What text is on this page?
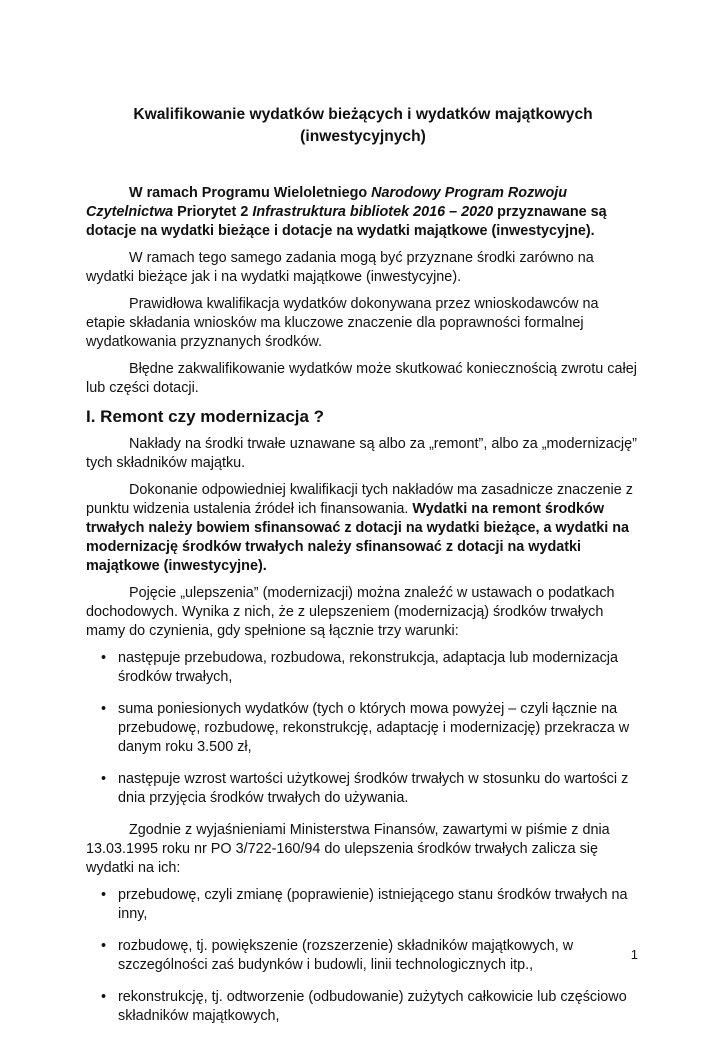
Kwalifikowanie wydatków bieżących i wydatków majątkowych
(inwestycyjnych)

W ramach Programu Wieloletniego Narodowy Program Rozwoju Czytelnictwa Priorytet 2 Infrastruktura bibliotek 2016 – 2020 przyznawane są dotacje na wydatki bieżące i dotacje na wydatki majątkowe (inwestycyjne).

W ramach tego samego zadania mogą być przyznane środki zarówno na wydatki bieżące jak i na wydatki majątkowe (inwestycyjne).

Prawidłowa kwalifikacja wydatków dokonywana przez wnioskodawców na etapie składania wniosków ma kluczowe znaczenie dla poprawności formalnej wydatkowania przyznanych środków.

Błędne zakwalifikowanie wydatków może skutkować koniecznością zwrotu całej lub części dotacji.

I. Remont czy modernizacja ?

Nakłady na środki trwałe uznawane są albo za „remont”, albo za „modernizację” tych składników majątku.

Dokonanie odpowiedniej kwalifikacji tych nakładów ma zasadnicze znaczenie z punktu widzenia ustalenia źródeł ich finansowania. Wydatki na remont środków trwałych należy bowiem sfinansować z dotacji na wydatki bieżące, a wydatki na modernizację środków trwałych należy sfinansować z dotacji na wydatki majątkowe (inwestycyjne).

Pojęcie „ulepszenia” (modernizacji) można znaleźć w ustawach o podatkach dochodowych. Wynika z nich, że z ulepszeniem (modernizacją) środków trwałych mamy do czynienia, gdy spełnione są łącznie trzy warunki:

• następuje przebudowa, rozbudowa, rekonstrukcja, adaptacja lub modernizacja środków trwałych,
• suma poniesionych wydatków (tych o których mowa powyżej – czyli łącznie na przebudowę, rozbudowę, rekonstrukcję, adaptację i modernizację) przekracza w danym roku 3.500 zł,
• następuje wzrost wartości użytkowej środków trwałych w stosunku do wartości z dnia przyjęcia środków trwałych do używania.

Zgodnie z wyjaśnieniami Ministerstwa Finansów, zawartymi w piśmie z dnia 13.03.1995 roku nr PO 3/722-160/94 do ulepszenia środków trwałych zalicza się wydatki na ich:

• przebudowę, czyli zmianę (poprawienie) istniejącego stanu środków trwałych na inny,
• rozbudowę, tj. powiększenie (rozszerzenie) składników majątkowych, w szczególności zaś budynków i budowli, linii technologicznych itp.,
• rekonstrukcję, tj. odtworzenie (odbudowanie) zużytych całkowicie lub częściowo składników majątkowych,
1
